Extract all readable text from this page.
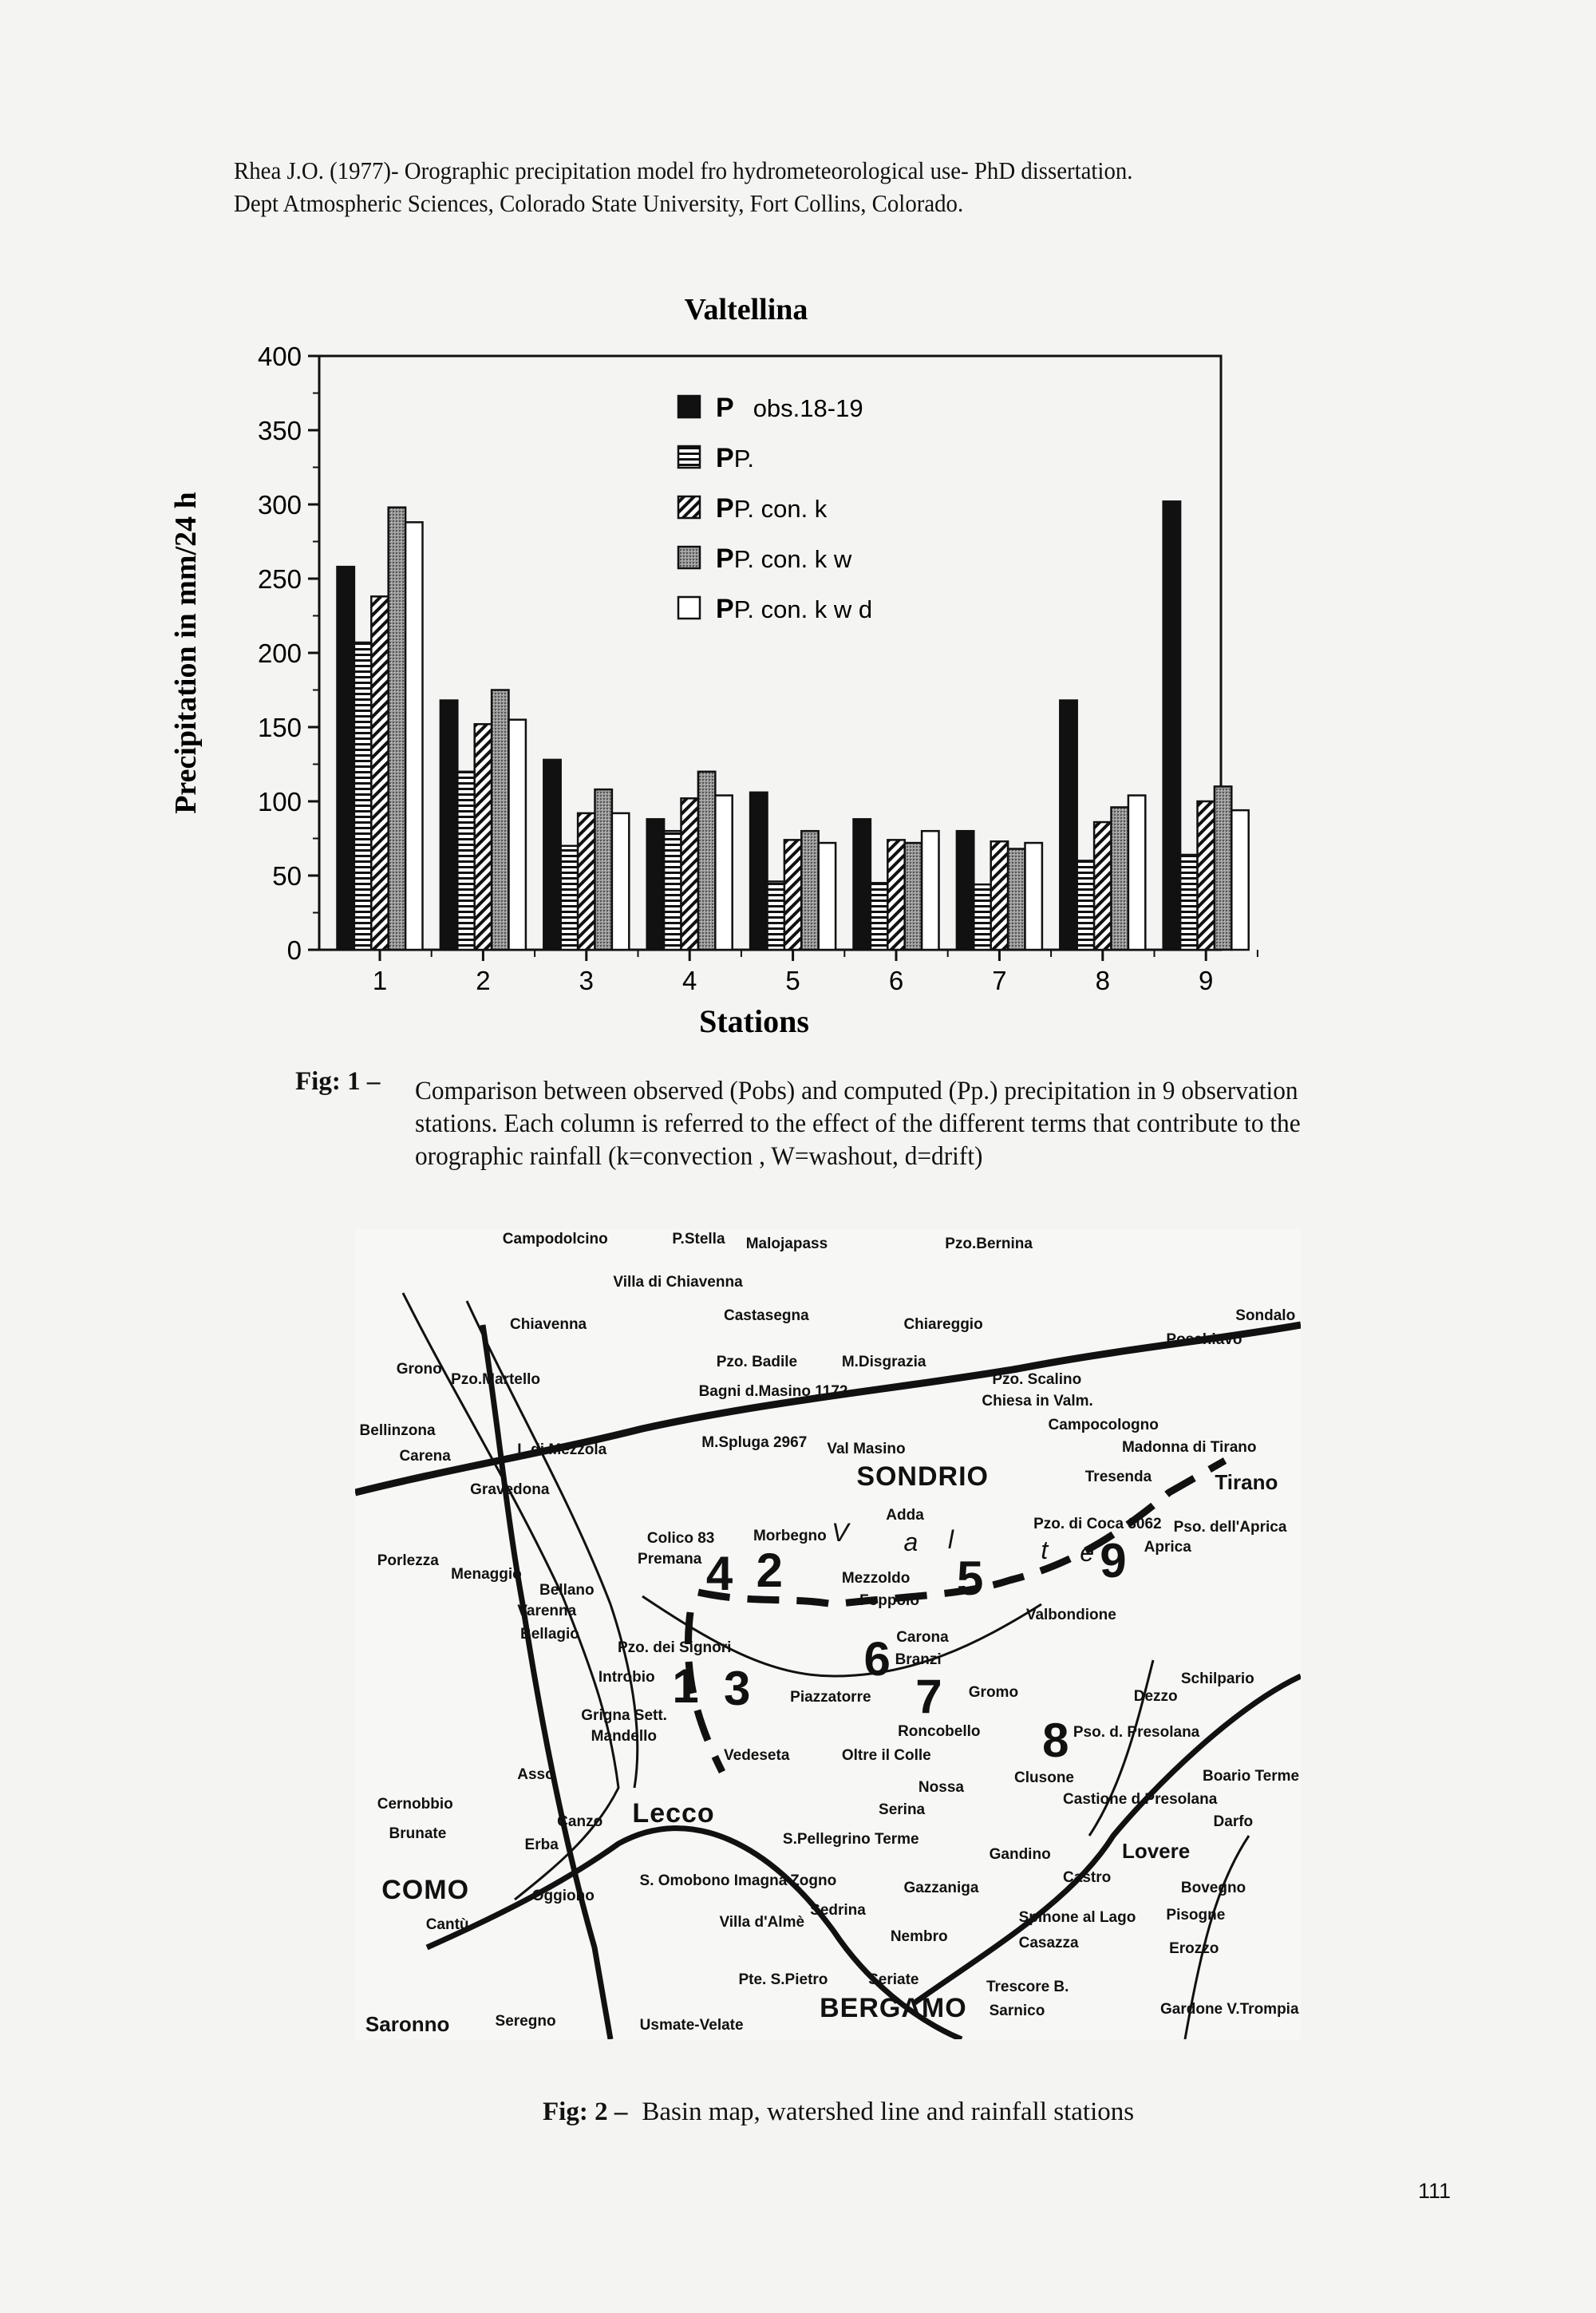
Rhea J.O. (1977)- Orographic precipitation model fro hydrometeorological use- PhD dissertation.
Dept Atmospheric Sciences, Colorado State University, Fort Collins, Colorado.
Valtellina
0
50
100
150
200
250
300
350
400
1	2	3	4	5	6	7	8	9
Precipitation in mm/24 h
Stations
P obs.18-19
PP.
PP. con. k
PP. con. k w
PP. con. k w d
Fig: 1 – Comparison between observed (Pobs) and computed (Pp.) precipitation in 9 observation stations. Each column is referred to the effect of the different terms that contribute to the orographic rainfall (k=convection , W=washout, d=drift)
1
2
3
4	5
6
7
8
9
SONDRIO
BERGAMO
Lecco
COMO
Tirano
Sondalo
Poschiavo
Pzo.Bernina
Chiavenna
Castasegna
Chiareggio
Pzo. Badile	M.Disgrazia
Pzo. Scalino
Chiesa in Valm.
Campocologno
Madonna di Tirano
M.Spluga 2967 Val Masino
Bagni d.Masino 1172
Tresenda
Colico 83	Morbegno
Bellinzona
Gravedona
Porlezza
Menaggio
Bellano
Premana
Varenna
Bellagio
Foppolo
Carona
Branzi
Piazzatorre	Gromo
Roncobello
Valbondione
Pzo. di Coca 3062
Schilpario
Dezzo
Clusone
Castione d.Presolana
Boario Terme
Darfo
Lovere
Gandino
Pisogne
Bovegno
Sarnico
Trescore B.
Seriate
Oltre il Colle
Serina
Zogno
S.Pellegrino Terme
Introbio
Mandello
Grigna Sett.
Canzo
Erba
Cantù
Brunate
Cernobbio
Saronno	Seregno	Usmate-Velate
Oggiono
Villa d'Almè
Pte. S.Pietro
S. Omobono Imagna
Asso
L.di Mezzola
Pzo.Martello
Campodolcino	P.Stella Malojapass
Villa di Chiavenna
Grono
Carena
Pso. dell'Aprica
Sedrina
Gazzaniga
Nembro	Casazza
Spinone al Lago
Castro
Gardone V.Trompia
Erozzo
Mezzoldo
Vedeseta
Pso. d. Presolana
Aprica
Adda
V a l	t e
Pzo. dei Signori
Nossa
Fig: 2 – Basin map, watershed line and rainfall stations
111
